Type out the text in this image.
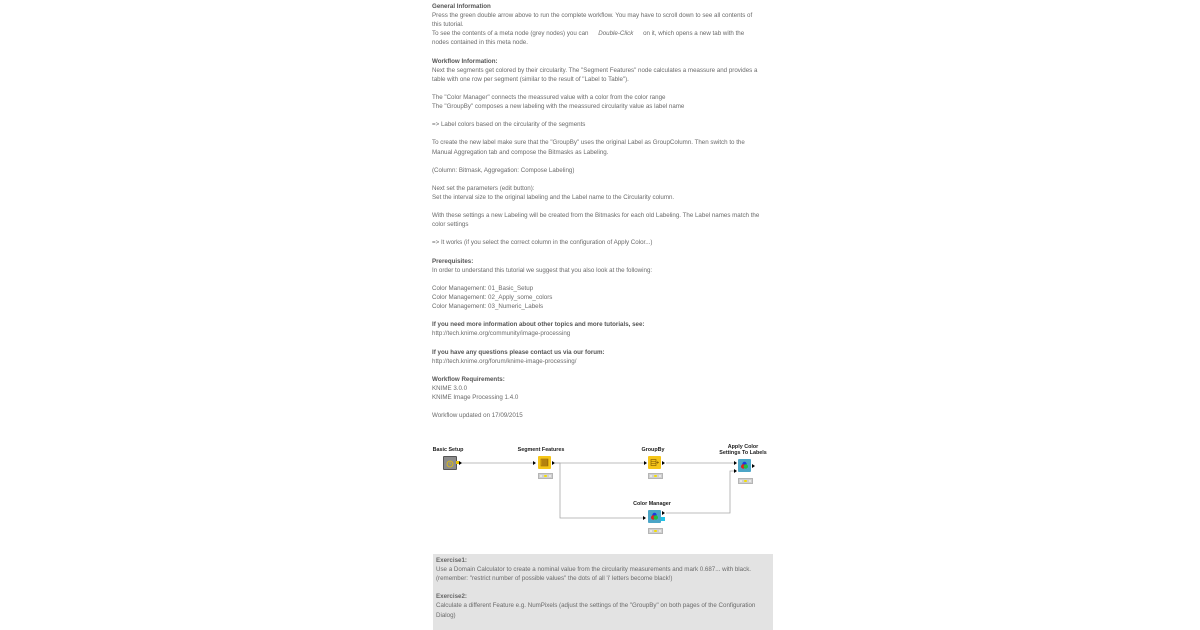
General Information
Press the green double arrow above to run the complete workflow. You may have to scroll down to see all contents of this tutorial.
To see the contents of a meta node (grey nodes) you can Double-Click on it, which opens a new tab with the nodes contained in this meta node.

Workflow Information:
Next the segments get colored by their circularity. The "Segment Features" node calculates a meassure and provides a table with one row per segment (similar to the result of "Label to Table").

The "Color Manager" connects the meassured value with a color from the color range
The "GroupBy" composes a new labeling with the meassured circularity value as label name

=> Label colors based on the circularity of the segments

To create the new label make sure that the "GroupBy" uses the original Label as GroupColumn. Then switch to the Manual Aggregation tab and compose the Bitmasks as Labeling.

(Column: Bitmask, Aggregation: Compose Labeling)

Next set the parameters (edit button):
Set the interval size to the original labeling and the Label name to the Circularity column.

With these settings a new Labeling will be created from the Bitmasks for each old Labeling. The Label names match the color settings

=> It works (if you select the correct column in the configuration of Apply Color...)

Prerequisites:
In order to understand this tutorial we suggest that you also look at the following:

Color Management: 01_Basic_Setup
Color Management: 02_Apply_some_colors
Color Management: 03_Numeric_Labels

If you need more information about other topics and more tutorials, see:
http://tech.knime.org/community/image-processing

If you have any questions please contact us via our forum:
http://tech.knime.org/forum/knime-image-processing/

Workflow Requirements:
KNIME 3.0.0
KNIME Image Processing 1.4.0

Workflow updated on 17/09/2015

Basic Setup	Segment Features	GroupBy	Apply Color
Settings To Labels
Color Manager

Exercise1:
Use a Domain Calculator to create a nominal value from the circularity measurements and mark 0.687... with black.
(remember: "restrict number of possible values" the dots of all 'i' letters become black!)

Exercise2:
Calculate a different Feature e.g. NumPixels (adjust the settings of the "GroupBy" on both pages of the Configuration Dialog)
